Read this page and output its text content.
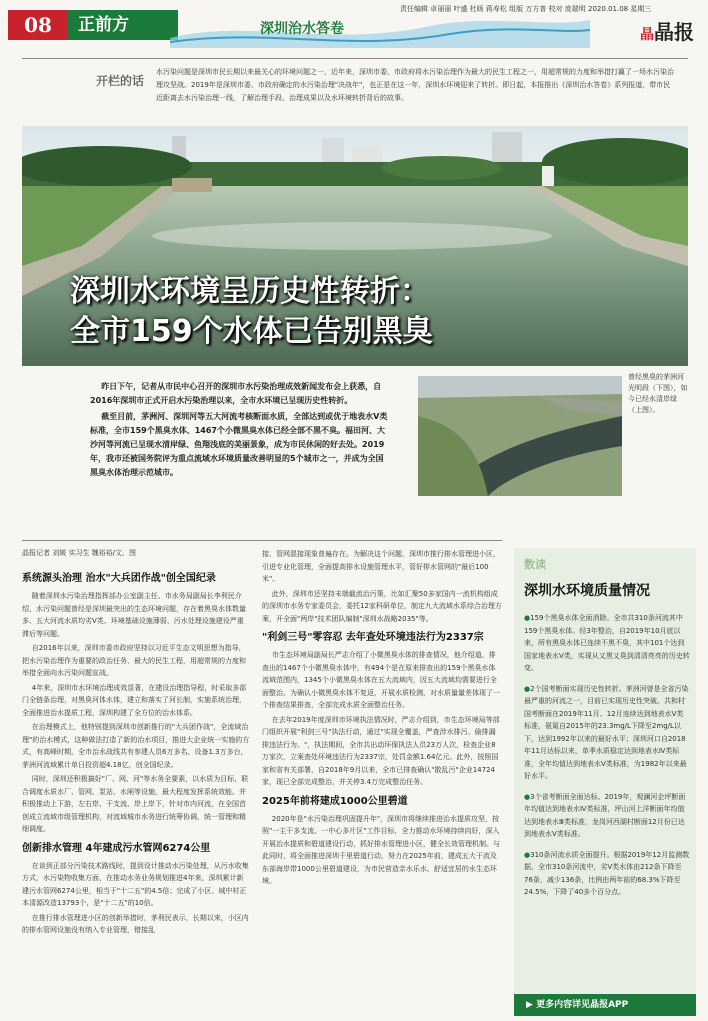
08	正前方	深圳治水答卷
责任编辑 卓丽丽 叶盛 杜旸 蒋寿松 组版 万方普 校对 庞瑞明 2020.01.08 星期三
晶晶报
开栏的话
水污染问题是深圳市民长期以来最关心的环境问题之一，近年来，深圳市委、市政府将水污染治理作为最大的民生工程之一，用超常规的力度和举措打赢了一场水污染治理攻坚战。2019年是深圳市委、市政府确定的水污染治理"决战年"，也正是在这一年，深圳水环境迎来了转折。即日起，本报推出《深圳治水答卷》系列报道，带市民近距离去水污染治理一线，了解治理手段、治理成果以及水环境转折背后的故事。
深圳水环境呈历史性转折：
全市159个水体已告别黑臭
昨日下午，记者从市民中心召开的深圳市水污染治理成效新闻发布会上获悉，自2016年深圳市正式开启水污染治理以来，全市水环境已呈现历史性转折。
截至目前，茅洲河、深圳河等五大河流考核断面水质，全部达到或优于地表水Ⅴ类标准，全市159个黑臭水体、1467个小微黑臭水体已经全部不黑不臭。福田河、大沙河等河流已呈现水清岸绿、鱼翔浅底的美丽景象，成为市民休闲的好去处。2019年，我市还被国务院评为重点流域水环境质量改善明显的5个城市之一，并成为全国黑臭水体治理示范城市。
曾经黑臭的茅洲河光明段（下图），如今已经水清岸绿（上图）。
晶报记者 刘媛 实习生 魏裕裕/文、图
系统源头治理 治水"大兵团作战"创全国纪录
随着深圳水污染治理指挥部办公室副主任、市水务局副局长李利民介绍，水污染问题曾经是深圳最突出的生态环境问题，存在着黑臭水体数量多、五大河流水质均劣Ⅴ类、环境基础设施薄弱、污水处理设施建设严重滞后等问题。
自2016年以来，深圳市委市政府坚持以习近平生态文明思想为指导，把水污染治理作为重要的政治任务、最大的民生工程，用超常规的力度和举措全面向水污染问题宣战。
4年来，深圳市水环境治理成效显著，在建设治理指导程，时采取多部门全链条治理，对黑臭河体水体，建立和落实了河长制，实施系统治理，全面推进治水提质工程，深圳构建了全方位的治水体系。
在治理模式上，他特别提到深圳市创新推行的"大兵团作战"，全流域治理"的治水模式，这种做法打造了新的治水项目，推进大企业统一实施的方式，有高峰时期，全市治水战线共有参建人员6万多名、设备1.3万多台，茅洲河流域累计单日投资超4.18亿，创全国纪录。
同时，深圳还积极搞好"厂、网、河"等水务全要素，以水质为目标，联合调度水质水厂、管网、泵站、水闸等设施，最大程度发挥系统效能。并积极推动上下游，左右岸、干支流、岸上岸下，针对市内河流，在全国首创成立流域市级管理机构，对流域城市水务进行统筹协调，统一管理和精细调度。
创新排水管理 4年建成污水管网6274公里
在谈到正部分污染技术路线时，提到设计推动水污染处理，从污水收集方式，水污染物收集方面，在推动水务业务规划推进4年来，深圳累计新建污水管网6274公里，相当于"十二五"的4.5倍；完成了小区、城中村正本清源改造13793个，是"十二五"的10倍。
在推行排水管理进小区的创新举措时，茅利民表示，长期以来，小区内的排水管网设施没有纳入专业管理，错接乱
接、管网混接现象普遍存在。为解决这个问题，深圳市推行排水管理进小区，引进专业化管理，全面提高排水设施管理水平，管好排水管网的"最后100米"。
此外，深圳市还坚持末端截流治污策，比如汇聚50多家国内一流机构组成的深圳市水务专家委员会，委托12家科研单位，制定九大流域水系综合治理方案，开全面"两岸"技术团队编制"深圳水战略2035"等。
"利剑三号"零容忍 去年查处环境违法行为2337宗
市生态环境局副局长严志介绍了小微黑臭水体的排查情况，他介绍道，排查出的1467个小微黑臭水体中，有494个是在原来排查出的159个黑臭水体流域范围内，1345个小微黑臭水体在五大流域内，因五大流域均需要进行全面整治。为确认小微黑臭水体不复返，开展水质检测，对水质量量差体现了一个排查结果排查，全部完成水质全面整治任务。
在去年2019年度深圳市环境执法情况时，严志介绍到，市生态环境局等部门组织开展"利剑三号"执法行动，通过"实现全覆盖，严查涉水排污、偷排漏排违法行为。"，执法期间，全市共出动环保执法人员23万人次，检查企业8万家次，立案查处环境违法行为2337宗，处罚金额1.64亿元。此外，按照国家和省有关部署，自2018年9月以来，全市已排查确认"散乱污"企业14724家，现已全部完成整治，并关停3.4万完成整治任务。
2025年前将建成1000公里碧道
2020年是"水污染治理巩固提升年"，深圳市将继续推进治水提质攻坚，按照"一主干多支流、一中心多片区"工作目标，全力推动水环境持续向好，深入开展治水提质和碧道建设行动，抓好排水管理进小区，健全长效管理机制。与此同时，将全面推进深圳千里碧道行动，努力在2025年前，建成五大干流及东部海岸带1000公里碧道建设，为市民营造亲水乐水、舒适宜居的水生态环境。
数读
深圳水环境质量情况
●159个黑臭水体全面消除。全市共310条河流其中159个黑臭水体。经3年整治，自2019年10月底以来，所有黑臭水体已连续不黑不臭，其中101个达到国家地表水Ⅴ类，实现从又黑又臭到清清亮亮的历史转变。
●2个国考断面实现历史性转折。茅洲河曾是全省污染最严重的河流之一，目前已实现历史性突破。共和村国考断面在2019年11月、12月连续达到地表水Ⅴ类标准，氨氮自2015年的23.3mg/L下降至2mg/L以下，达到1992年以来的最好水平；深圳河口自2018年11月达标以来，单季水质稳定达到地表水Ⅳ类标准，全年均值达到地表水Ⅴ类标准，为1982年以来最好水平。
●3个省考断面全面达标。2019年，观澜河企坪断面年均值达到地表水Ⅳ类标准，坪山河上洋断面年均值达到地表水Ⅲ类标准，龙岗河西湖村断面12月份已达到地表水Ⅴ类标准。
●310条河流水质全面提升。根据2019年12月监测数据，全市310条河流中，劣Ⅴ类水体由212条下降至76条，减少136条，比例由两年前的68.3%下降至24.5%，下降了40多个百分点。
▶ 更多内容详见晶报APP
